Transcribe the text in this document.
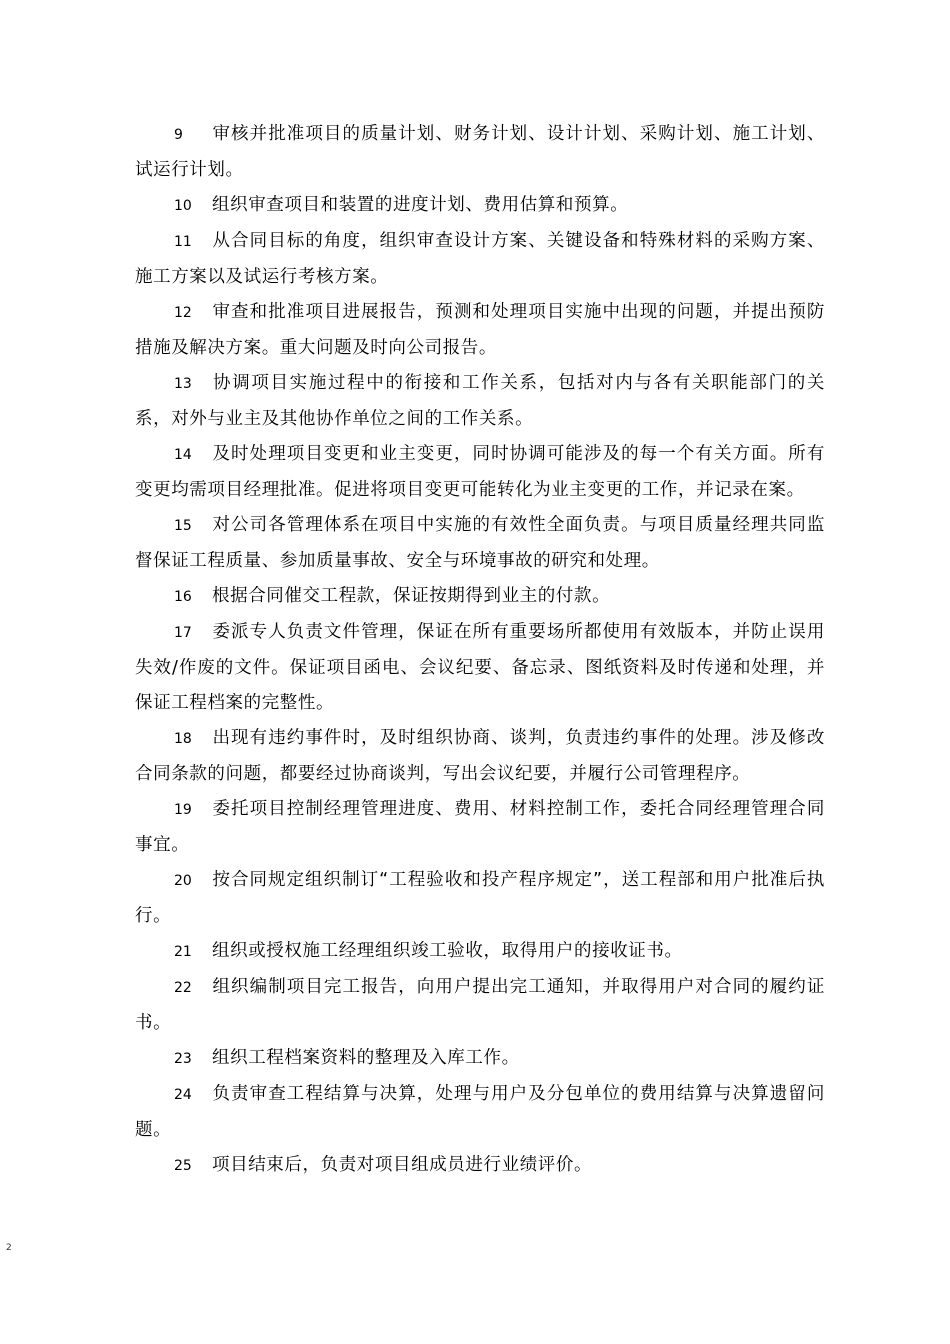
9 审核并批准项目的质量计划、财务计划、设计计划、采购计划、施工计划、试运行计划。

10 组织审查项目和装置的进度计划、费用估算和预算。

11 从合同目标的角度，组织审查设计方案、关键设备和特殊材料的采购方案、施工方案以及试运行考核方案。

12 审查和批准项目进展报告，预测和处理项目实施中出现的问题，并提出预防措施及解决方案。重大问题及时向公司报告。

13 协调项目实施过程中的衔接和工作关系，包括对内与各有关职能部门的关系，对外与业主及其他协作单位之间的工作关系。

14 及时处理项目变更和业主变更，同时协调可能涉及的每一个有关方面。所有变更均需项目经理批准。促进将项目变更可能转化为业主变更的工作，并记录在案。

15 对公司各管理体系在项目中实施的有效性全面负责。与项目质量经理共同监督保证工程质量、参加质量事故、安全与环境事故的研究和处理。

16 根据合同催交工程款，保证按期得到业主的付款。

17 委派专人负责文件管理，保证在所有重要场所都使用有效版本，并防止误用失效/作废的文件。保证项目函电、会议纪要、备忘录、图纸资料及时传递和处理，并保证工程档案的完整性。

18 出现有违约事件时，及时组织协商、谈判，负责违约事件的处理。涉及修改合同条款的问题，都要经过协商谈判，写出会议纪要，并履行公司管理程序。

19 委托项目控制经理管理进度、费用、材料控制工作，委托合同经理管理合同事宜。

20 按合同规定组织制订“工程验收和投产程序规定”，送工程部和用户批准后执行。

21 组织或授权施工经理组织竣工验收，取得用户的接收证书。

22 组织编制项目完工报告，向用户提出完工通知，并取得用户对合同的履约证书。

23 组织工程档案资料的整理及入库工作。

24 负责审查工程结算与决算，处理与用户及分包单位的费用结算与决算遗留问题。

25 项目结束后，负责对项目组成员进行业绩评价。

2
